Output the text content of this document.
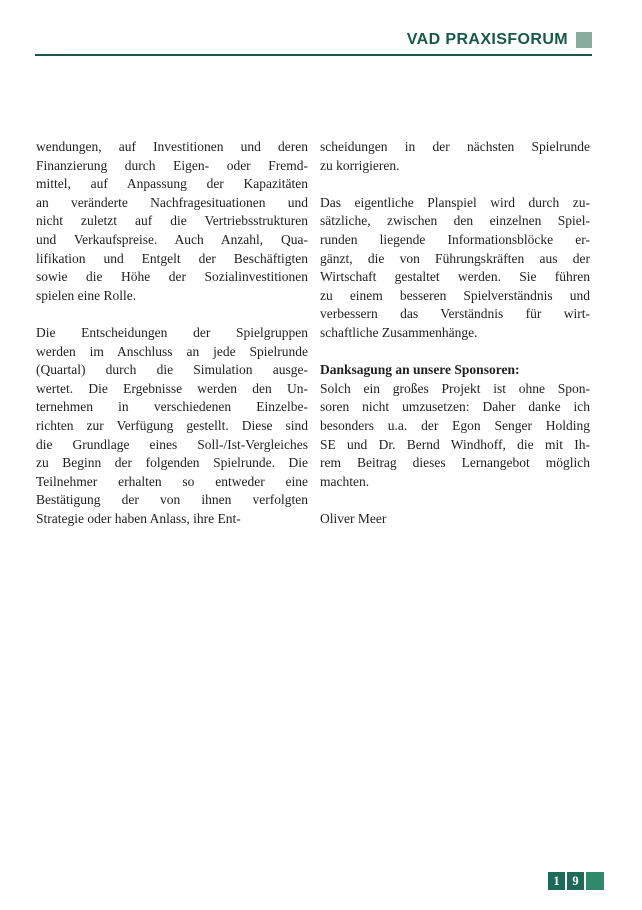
VAD PRAXISFORUM
wendungen, auf Investitionen und deren
Finanzierung durch Eigen- oder Fremd-
mittel, auf Anpassung der Kapazitäten
an veränderte Nachfragesituationen und
nicht zuletzt auf die Vertriebsstrukturen
und Verkaufspreise. Auch Anzahl, Qua-
lifikation und Entgelt der Beschäftigten
sowie die Höhe der Sozialinvestitionen
spielen eine Rolle.
Die Entscheidungen der Spielgruppen
werden im Anschluss an jede Spielrunde
(Quartal) durch die Simulation ausge-
wertet. Die Ergebnisse werden den Un-
ternehmen in verschiedenen Einzelbe-
richten zur Verfügung gestellt. Diese sind
die Grundlage eines Soll-/Ist-Vergleiches
zu Beginn der folgenden Spielrunde. Die
Teilnehmer erhalten so entweder eine
Bestätigung der von ihnen verfolgten
Strategie oder haben Anlass, ihre Ent-
scheidungen in der nächsten Spielrunde
zu korrigieren.
Das eigentliche Planspiel wird durch zu-
sätzliche, zwischen den einzelnen Spiel-
runden liegende Informationsblöcke er-
gänzt, die von Führungskräften aus der
Wirtschaft gestaltet werden. Sie führen
zu einem besseren Spielverständnis und
verbessern das Verständnis für wirt-
schaftliche Zusammenhänge.
Danksagung an unsere Sponsoren:
Solch ein großes Projekt ist ohne Spon-
soren nicht umzusetzen: Daher danke ich
besonders u.a. der Egon Senger Holding
SE und Dr. Bernd Windhoff, die mit Ih-
rem Beitrag dieses Lernangebot möglich
machten.
Oliver Meer
1	9
